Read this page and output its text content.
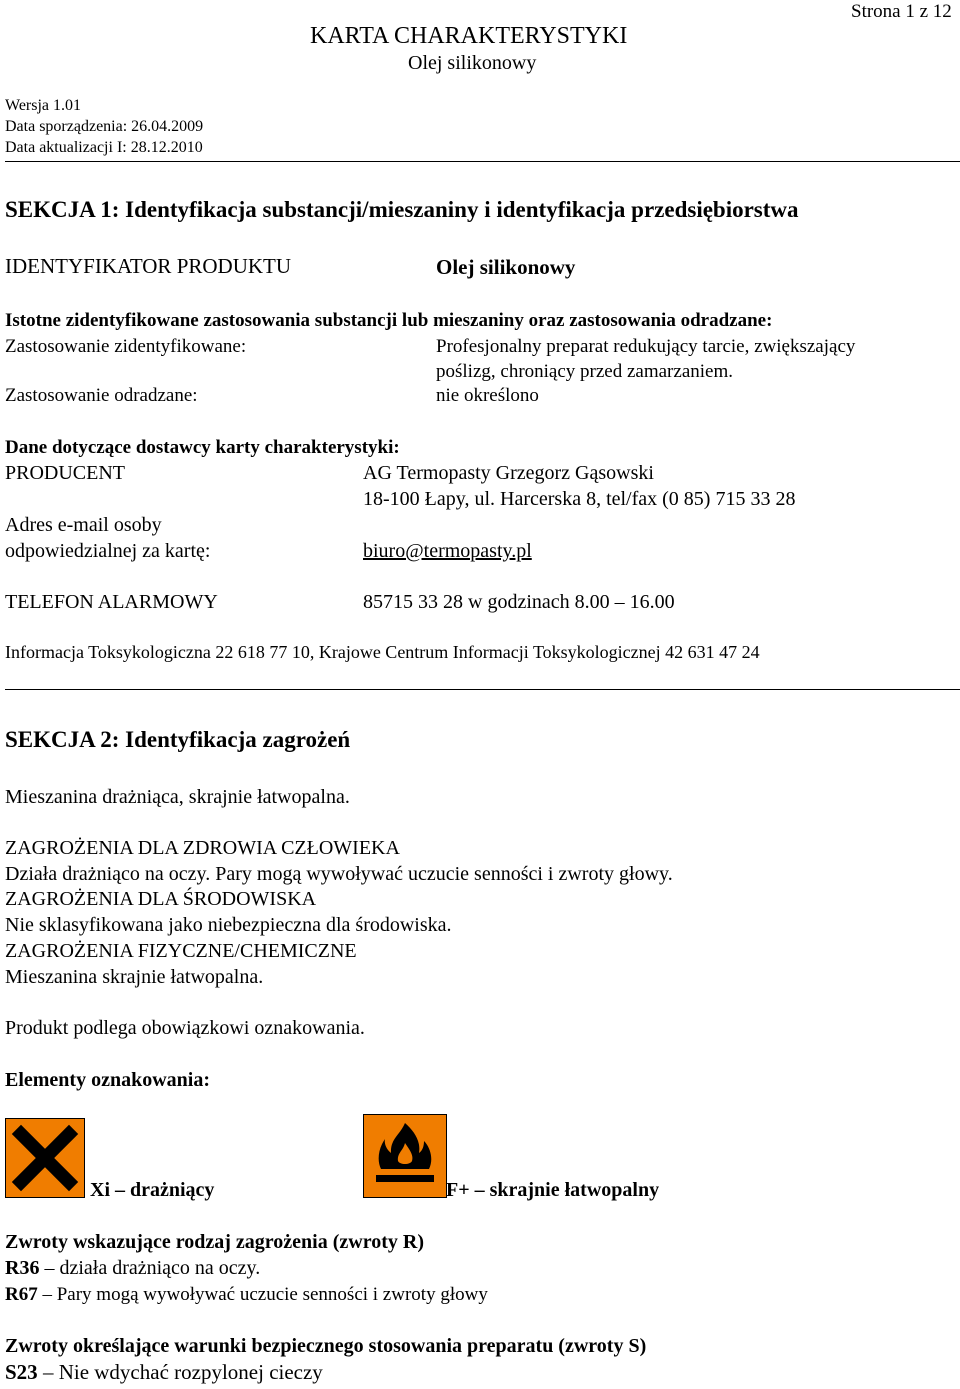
KARTA CHARAKTERYSTYKI
Olej silikonowy
Strona 1 z 12
Wersja 1.01
Data sporządzenia: 26.04.2009
Data aktualizacji I: 28.12.2010
SEKCJA 1: Identyfikacja substancji/mieszaniny i identyfikacja przedsiębiorstwa
IDENTYFIKATOR PRODUKTU	Olej silikonowy
Istotne zidentyfikowane zastosowania substancji lub mieszaniny oraz zastosowania odradzane:
Zastosowanie zidentyfikowane:	Profesjonalny preparat redukujący tarcie, zwiększający
poślizg, chroniący przed zamarzaniem.
Zastosowanie odradzane:	nie określono
Dane dotyczące dostawcy karty charakterystyki:
PRODUCENT	AG Termopasty Grzegorz Gąsowski
18-100 Łapy, ul. Harcerska 8, tel/fax (0 85) 715 33 28
Adres e-mail osoby
odpowiedzialnej za kartę:	biuro@termopasty.pl
TELEFON ALARMOWY	85715 33 28 w godzinach 8.00 – 16.00
Informacja Toksykologiczna 22 618 77 10, Krajowe Centrum Informacji Toksykologicznej 42 631 47 24
SEKCJA 2: Identyfikacja zagrożeń
Mieszanina drażniąca, skrajnie łatwopalna.
ZAGROŻENIA DLA ZDROWIA CZŁOWIEKA
Działa drażniąco na oczy. Pary mogą wywoływać uczucie senności i zwroty głowy.
ZAGROŻENIA DLA ŚRODOWISKA
Nie sklasyfikowana jako niebezpieczna dla środowiska.
ZAGROŻENIA FIZYCZNE/CHEMICZNE
Mieszanina skrajnie łatwopalna.
Produkt podlega obowiązkowi oznakowania.
Elementy oznakowania:
Xi – drażniący	F+ – skrajnie łatwopalny
Zwroty wskazujące rodzaj zagrożenia (zwroty R)
R36 – działa drażniąco na oczy.
R67 – Pary mogą wywoływać uczucie senności i zwroty głowy
Zwroty określające warunki bezpiecznego stosowania preparatu (zwroty S)
S23 – Nie wdychać rozpylonej cieczy
